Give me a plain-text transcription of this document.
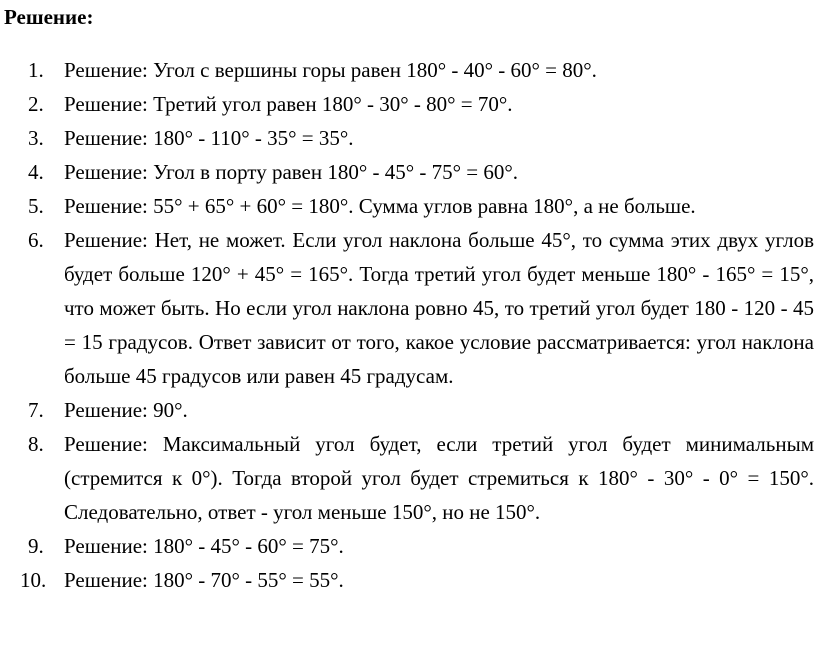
Решение:
1. Решение: Угол с вершины горы равен 180° - 40° - 60° = 80°.
2. Решение: Третий угол равен 180° - 30° - 80° = 70°.
3. Решение: 180° - 110° - 35° = 35°.
4. Решение: Угол в порту равен 180° - 45° - 75° = 60°.
5. Решение: 55° + 65° + 60° = 180°. Сумма углов равна 180°, а не больше.
6. Решение: Нет, не может. Если угол наклона больше 45°, то сумма этих двух углов будет больше 120° + 45° = 165°. Тогда третий угол будет меньше 180° - 165° = 15°, что может быть. Но если угол наклона ровно 45, то третий угол будет 180 - 120 - 45 = 15 градусов. Ответ зависит от того, какое условие рассматривается: угол наклона больше 45 градусов или равен 45 градусам.
7. Решение: 90°.
8. Решение: Максимальный угол будет, если третий угол будет минимальным (стремится к 0°). Тогда второй угол будет стремиться к 180° - 30° - 0° = 150°. Следовательно, ответ - угол меньше 150°, но не 150°.
9. Решение: 180° - 45° - 60° = 75°.
10. Решение: 180° - 70° - 55° = 55°.
